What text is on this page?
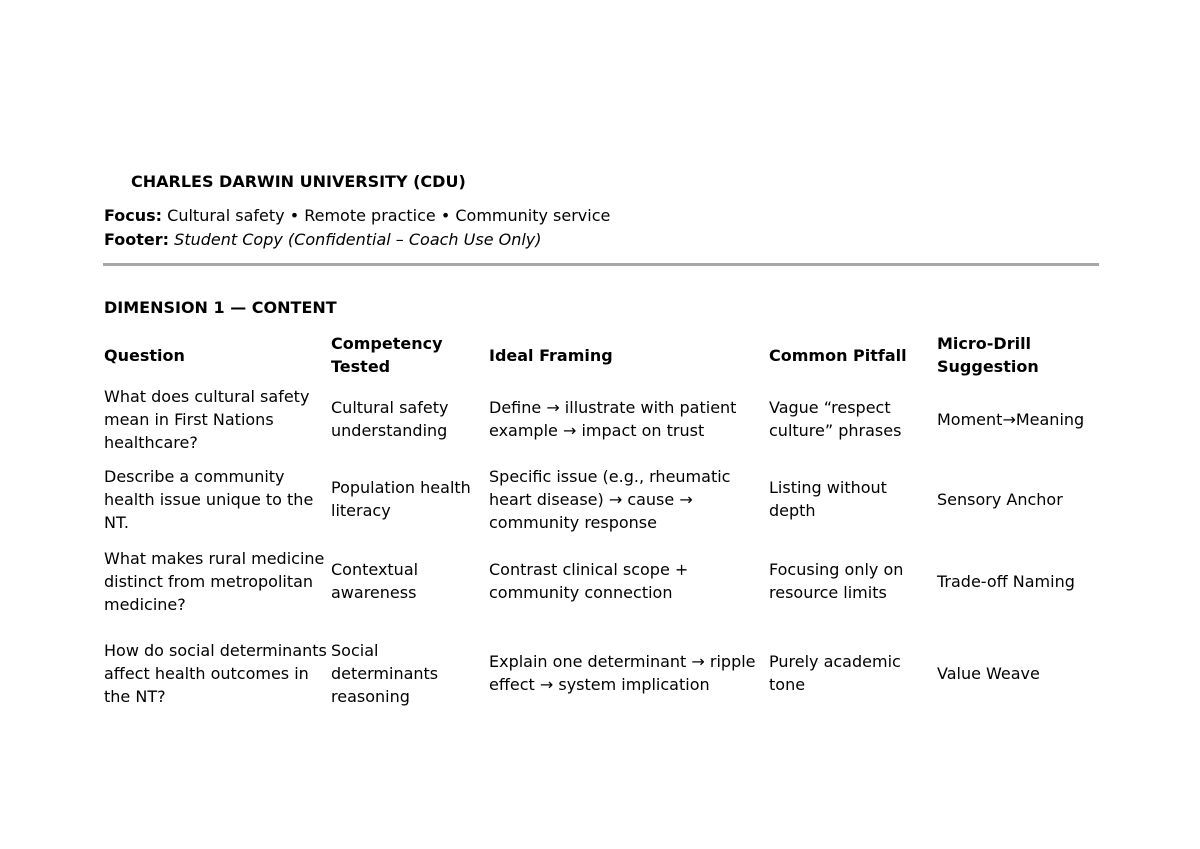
CHARLES DARWIN UNIVERSITY (CDU)
Focus: Cultural safety • Remote practice • Community service
Footer: Student Copy (Confidential – Coach Use Only)
DIMENSION 1 — CONTENT
Question	Competency Tested	Ideal Framing	Common Pitfall	Micro-Drill Suggestion
What does cultural safety mean in First Nations healthcare?	Cultural safety understanding	Define → illustrate with patient example → impact on trust	Vague “respect culture” phrases	Moment→Meaning
Describe a community health issue unique to the NT.	Population health literacy	Specific issue (e.g., rheumatic heart disease) → cause → community response	Listing without depth	Sensory Anchor
What makes rural medicine distinct from metropolitan medicine?	Contextual awareness	Contrast clinical scope + community connection	Focusing only on resource limits	Trade-off Naming
How do social determinants affect health outcomes in the NT?	Social determinants reasoning	Explain one determinant → ripple effect → system implication	Purely academic tone	Value Weave
